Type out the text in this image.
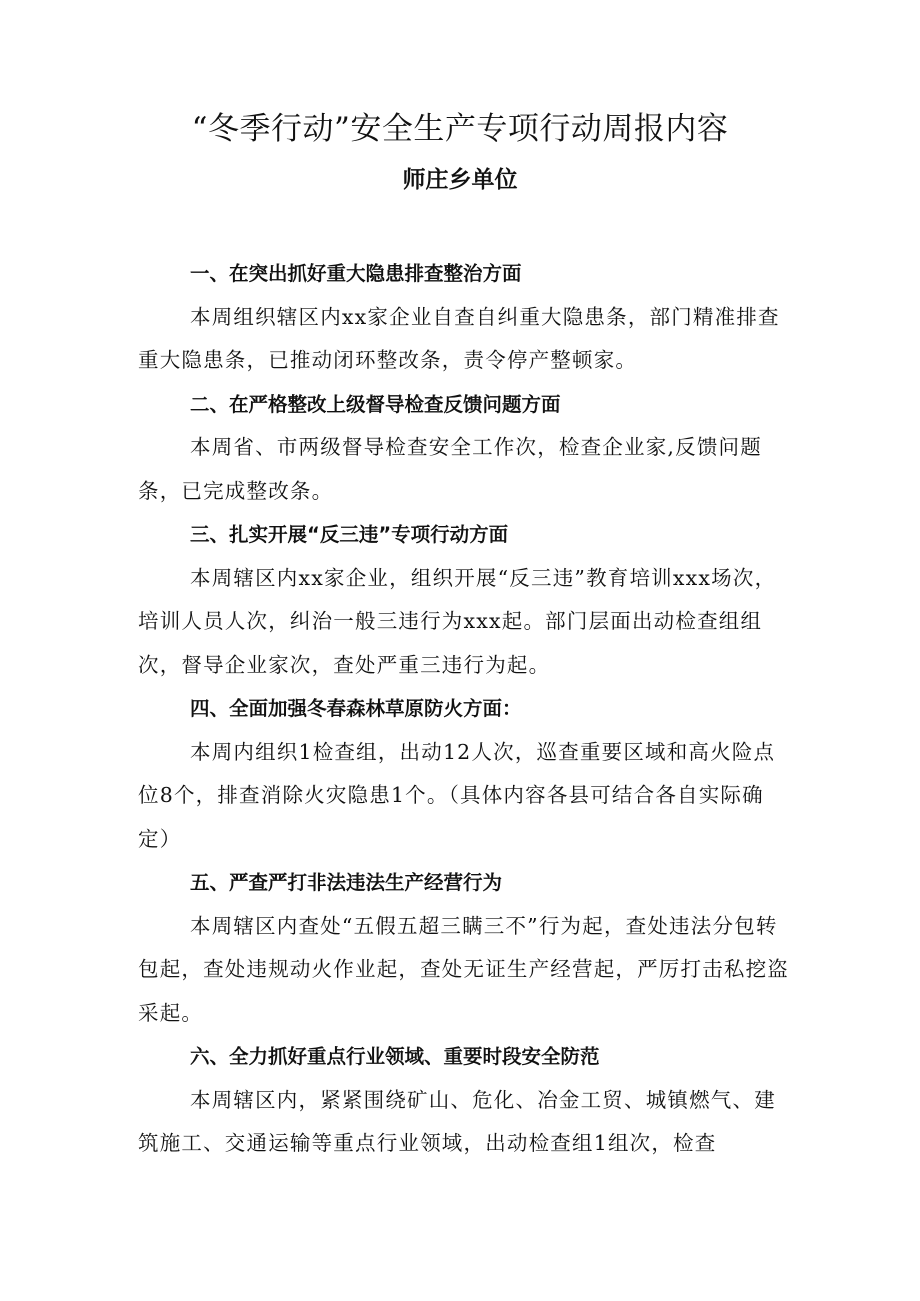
“冬季行动”安全生产专项行动周报内容
师庄乡单位
一、在突出抓好重大隐患排查整治方面

本周组织辖区内xx家企业自查自纠重大隐患条，部门精准排查重大隐患条，已推动闭环整改条，责令停产整顿家。

二、在严格整改上级督导检查反馈问题方面

本周省、市两级督导检查安全工作次，检查企业家,反馈问题条，已完成整改条。

三、扎实开展“反三违”专项行动方面

本周辖区内xx家企业，组织开展“反三违”教育培训xxx场次，培训人员人次，纠治一般三违行为xxx起。部门层面出动检查组组次，督导企业家次，查处严重三违行为起。

四、全面加强冬春森林草原防火方面：

本周内组织1检查组，出动12人次，巡查重要区域和高火险点位8个，排查消除火灾隐患1个。（具体内容各县可结合各自实际确定）

五、严查严打非法违法生产经营行为

本周辖区内查处“五假五超三瞒三不”行为起，查处违法分包转包起，查处违规动火作业起，查处无证生产经营起，严厉打击私挖盗采起。

六、全力抓好重点行业领域、重要时段安全防范

本周辖区内，紧紧围绕矿山、危化、冶金工贸、城镇燃气、建筑施工、交通运输等重点行业领域，出动检查组1组次，检查
